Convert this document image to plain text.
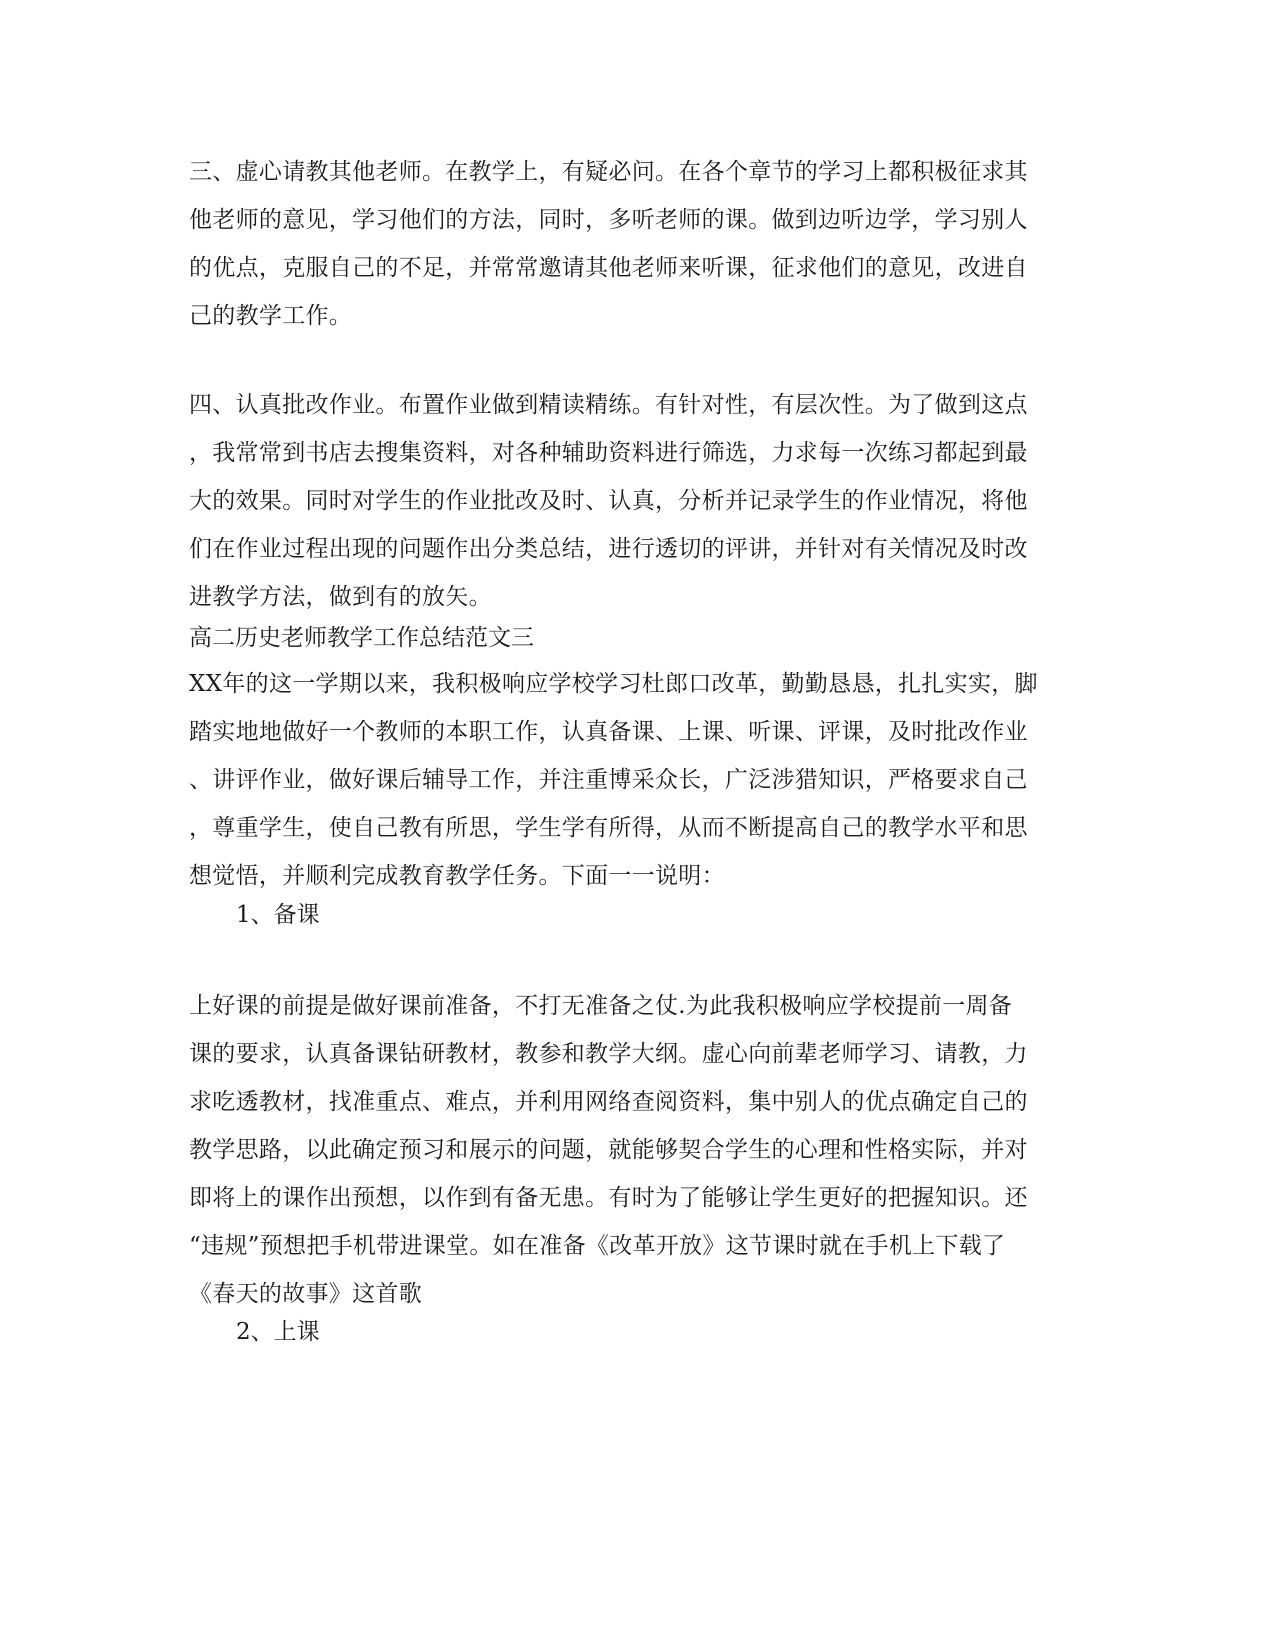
三、虚心请教其他老师。在教学上，有疑必问。在各个章节的学习上都积极征求其
他老师的意见，学习他们的方法，同时，多听老师的课。做到边听边学，学习别人
的优点，克服自己的不足，并常常邀请其他老师来听课，征求他们的意见，改进自
己的教学工作。

四、认真批改作业。布置作业做到精读精练。有针对性，有层次性。为了做到这点
，我常常到书店去搜集资料，对各种辅助资料进行筛选，力求每一次练习都起到最
大的效果。同时对学生的作业批改及时、认真，分析并记录学生的作业情况，将他
们在作业过程出现的问题作出分类总结，进行透切的评讲，并针对有关情况及时改
进教学方法，做到有的放矢。

高二历史老师教学工作总结范文三

XX年的这一学期以来，我积极响应学校学习杜郎口改革，勤勤恳恳，扎扎实实，脚
踏实地地做好一个教师的本职工作，认真备课、上课、听课、评课，及时批改作业
、讲评作业，做好课后辅导工作，并注重博采众长，广泛涉猎知识，严格要求自己
，尊重学生，使自己教有所思，学生学有所得，从而不断提高自己的教学水平和思
想觉悟，并顺利完成教育教学任务。下面一一说明：

1、备课

上好课的前提是做好课前准备，不打无准备之仗.为此我积极响应学校提前一周备
课的要求，认真备课钻研教材，教参和教学大纲。虚心向前辈老师学习、请教，力
求吃透教材，找准重点、难点，并利用网络查阅资料，集中别人的优点确定自己的
教学思路，以此确定预习和展示的问题，就能够契合学生的心理和性格实际，并对
即将上的课作出预想，以作到有备无患。有时为了能够让学生更好的把握知识。还
“违规”预想把手机带进课堂。如在准备《改革开放》这节课时就在手机上下载了
《春天的故事》这首歌

2、上课
